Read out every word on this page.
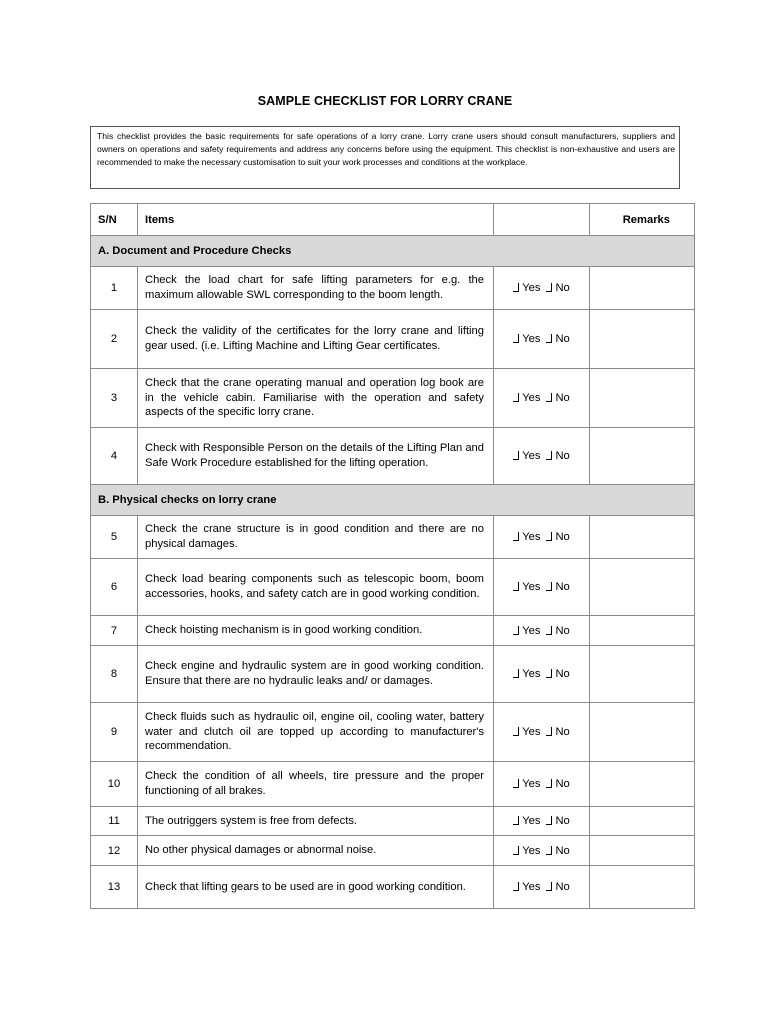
SAMPLE CHECKLIST FOR LORRY CRANE
This checklist provides the basic requirements for safe operations of a lorry crane. Lorry crane users should consult manufacturers, suppliers and owners on operations and safety requirements and address any concerns before using the equipment. This checklist is non-exhaustive and users are recommended to make the necessary customisation to suit your work processes and conditions at the workplace.
S/N	Items		Remarks
A. Document and Procedure Checks			
1	Check the load chart for safe lifting parameters for e.g. the maximum allowable SWL corresponding to the boom length.	Yes No	
2	Check the validity of the certificates for the lorry crane and lifting gear used. (i.e. Lifting Machine and Lifting Gear certificates.	Yes No	
3	Check that the crane operating manual and operation log book are in the vehicle cabin. Familiarise with the operation and safety aspects of the specific lorry crane.	Yes No	
4	Check with Responsible Person on the details of the Lifting Plan and Safe Work Procedure established for the lifting operation.	Yes No	
B. Physical checks on lorry crane			
5	Check the crane structure is in good condition and there are no physical damages.	Yes No	
6	Check load bearing components such as telescopic boom, boom accessories, hooks, and safety catch are in good working condition.	Yes No	
7	Check hoisting mechanism is in good working condition.	Yes No	
8	Check engine and hydraulic system are in good working condition. Ensure that there are no hydraulic leaks and/ or damages.	Yes No	
9	Check fluids such as hydraulic oil, engine oil, cooling water, battery water and clutch oil are topped up according to manufacturer's recommendation.	Yes No	
10	Check the condition of all wheels, tire pressure and the proper functioning of all brakes.	Yes No	
11	The outriggers system is free from defects.	Yes No	
12	No other physical damages or abnormal noise.	Yes No	
13	Check that lifting gears to be used are in good working condition.	Yes No	
